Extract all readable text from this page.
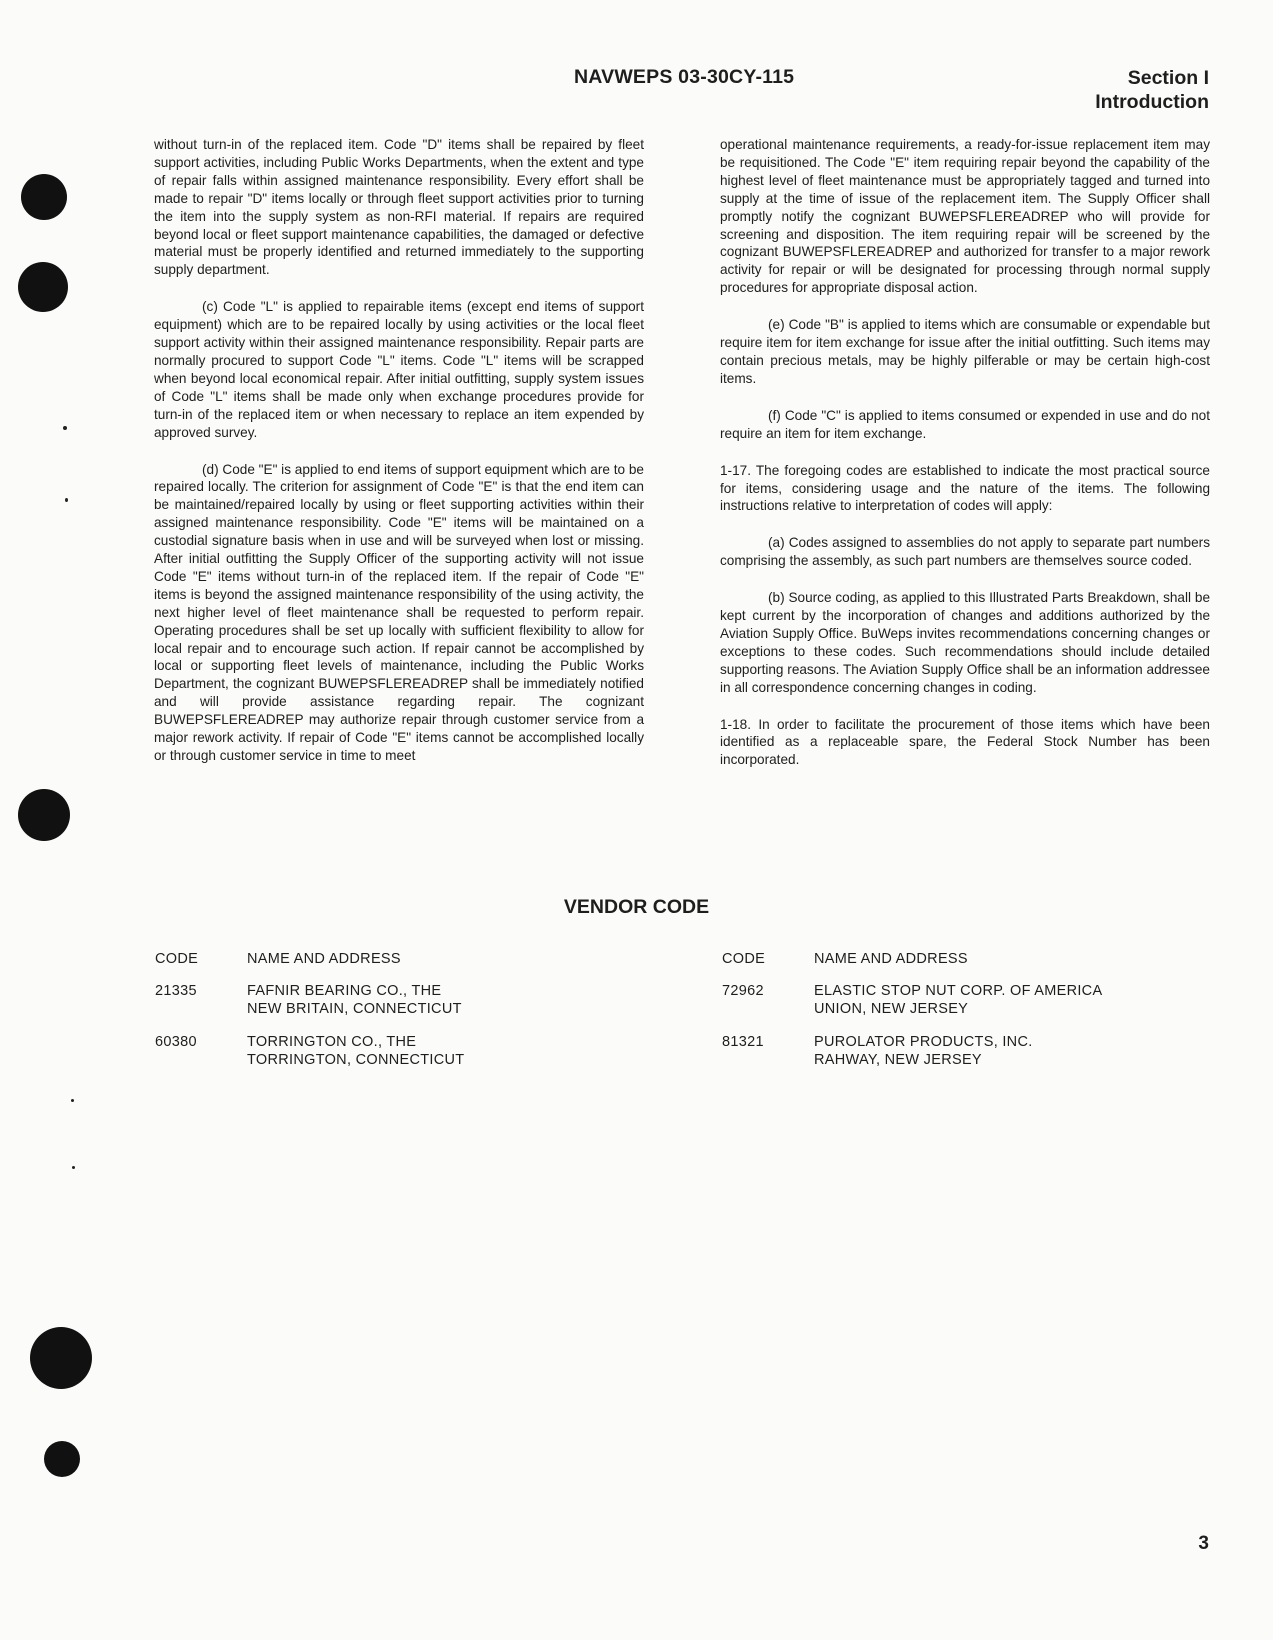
NAVWEPS 03-30CY-115	Section I
Introduction

without turn-in of the replaced item. Code "D" items shall be repaired by fleet support activities, including Public Works Departments, when the extent and type of repair falls within assigned maintenance responsibility. Every effort shall be made to repair "D" items locally or through fleet support activities prior to turning the item into the supply system as non-RFI material. If repairs are required beyond local or fleet support maintenance capabilities, the damaged or defective material must be properly identified and returned immediately to the supporting supply department.

(c) Code "L" is applied to repairable items (except end items of support equipment) which are to be repaired locally by using activities or the local fleet support activity within their assigned maintenance responsibility. Repair parts are normally procured to support Code "L" items. Code "L" items will be scrapped when beyond local economical repair. After initial outfitting, supply system issues of Code "L" items shall be made only when exchange procedures provide for turn-in of the replaced item or when necessary to replace an item expended by approved survey.

(d) Code "E" is applied to end items of support equipment which are to be repaired locally. The criterion for assignment of Code "E" is that the end item can be maintained/repaired locally by using or fleet supporting activities within their assigned maintenance responsibility. Code "E" items will be maintained on a custodial signature basis when in use and will be surveyed when lost or missing. After initial outfitting the Supply Officer of the supporting activity will not issue Code "E" items without turn-in of the replaced item. If the repair of Code "E" items is beyond the assigned maintenance responsibility of the using activity, the next higher level of fleet maintenance shall be requested to perform repair. Operating procedures shall be set up locally with sufficient flexibility to allow for local repair and to encourage such action. If repair cannot be accomplished by local or supporting fleet levels of maintenance, including the Public Works Department, the cognizant BUWEPSFLEREADREP shall be immediately notified and will provide assistance regarding repair. The cognizant BUWEPSFLEREADREP may authorize repair through customer service from a major rework activity. If repair of Code "E" items cannot be accomplished locally or through customer service in time to meet

operational maintenance requirements, a ready-for-issue replacement item may be requisitioned. The Code "E" item requiring repair beyond the capability of the highest level of fleet maintenance must be appropriately tagged and turned into supply at the time of issue of the replacement item. The Supply Officer shall promptly notify the cognizant BUWEPSFLEREADREP who will provide for screening and disposition. The item requiring repair will be screened by the cognizant BUWEPSFLEREADREP and authorized for transfer to a major rework activity for repair or will be designated for processing through normal supply procedures for appropriate disposal action.

(e) Code "B" is applied to items which are consumable or expendable but require item for item exchange for issue after the initial outfitting. Such items may contain precious metals, may be highly pilferable or may be certain high-cost items.

(f) Code "C" is applied to items consumed or expended in use and do not require an item for item exchange.

1-17. The foregoing codes are established to indicate the most practical source for items, considering usage and the nature of the items. The following instructions relative to interpretation of codes will apply:

(a) Codes assigned to assemblies do not apply to separate part numbers comprising the assembly, as such part numbers are themselves source coded.

(b) Source coding, as applied to this Illustrated Parts Breakdown, shall be kept current by the incorporation of changes and additions authorized by the Aviation Supply Office. BuWeps invites recommendations concerning changes or exceptions to these codes. Such recommendations should include detailed supporting reasons. The Aviation Supply Office shall be an information addressee in all correspondence concerning changes in coding.

1-18. In order to facilitate the procurement of those items which have been identified as a replaceable spare, the Federal Stock Number has been incorporated.

VENDOR CODE
CODE	NAME AND ADDRESS
21335	FAFNIR BEARING CO., THE
NEW BRITAIN, CONNECTICUT
60380	TORRINGTON CO., THE
TORRINGTON, CONNECTICUT
CODE	NAME AND ADDRESS
72962	ELASTIC STOP NUT CORP. OF AMERICA
UNION, NEW JERSEY
81321	PUROLATOR PRODUCTS, INC.
RAHWAY, NEW JERSEY
3
